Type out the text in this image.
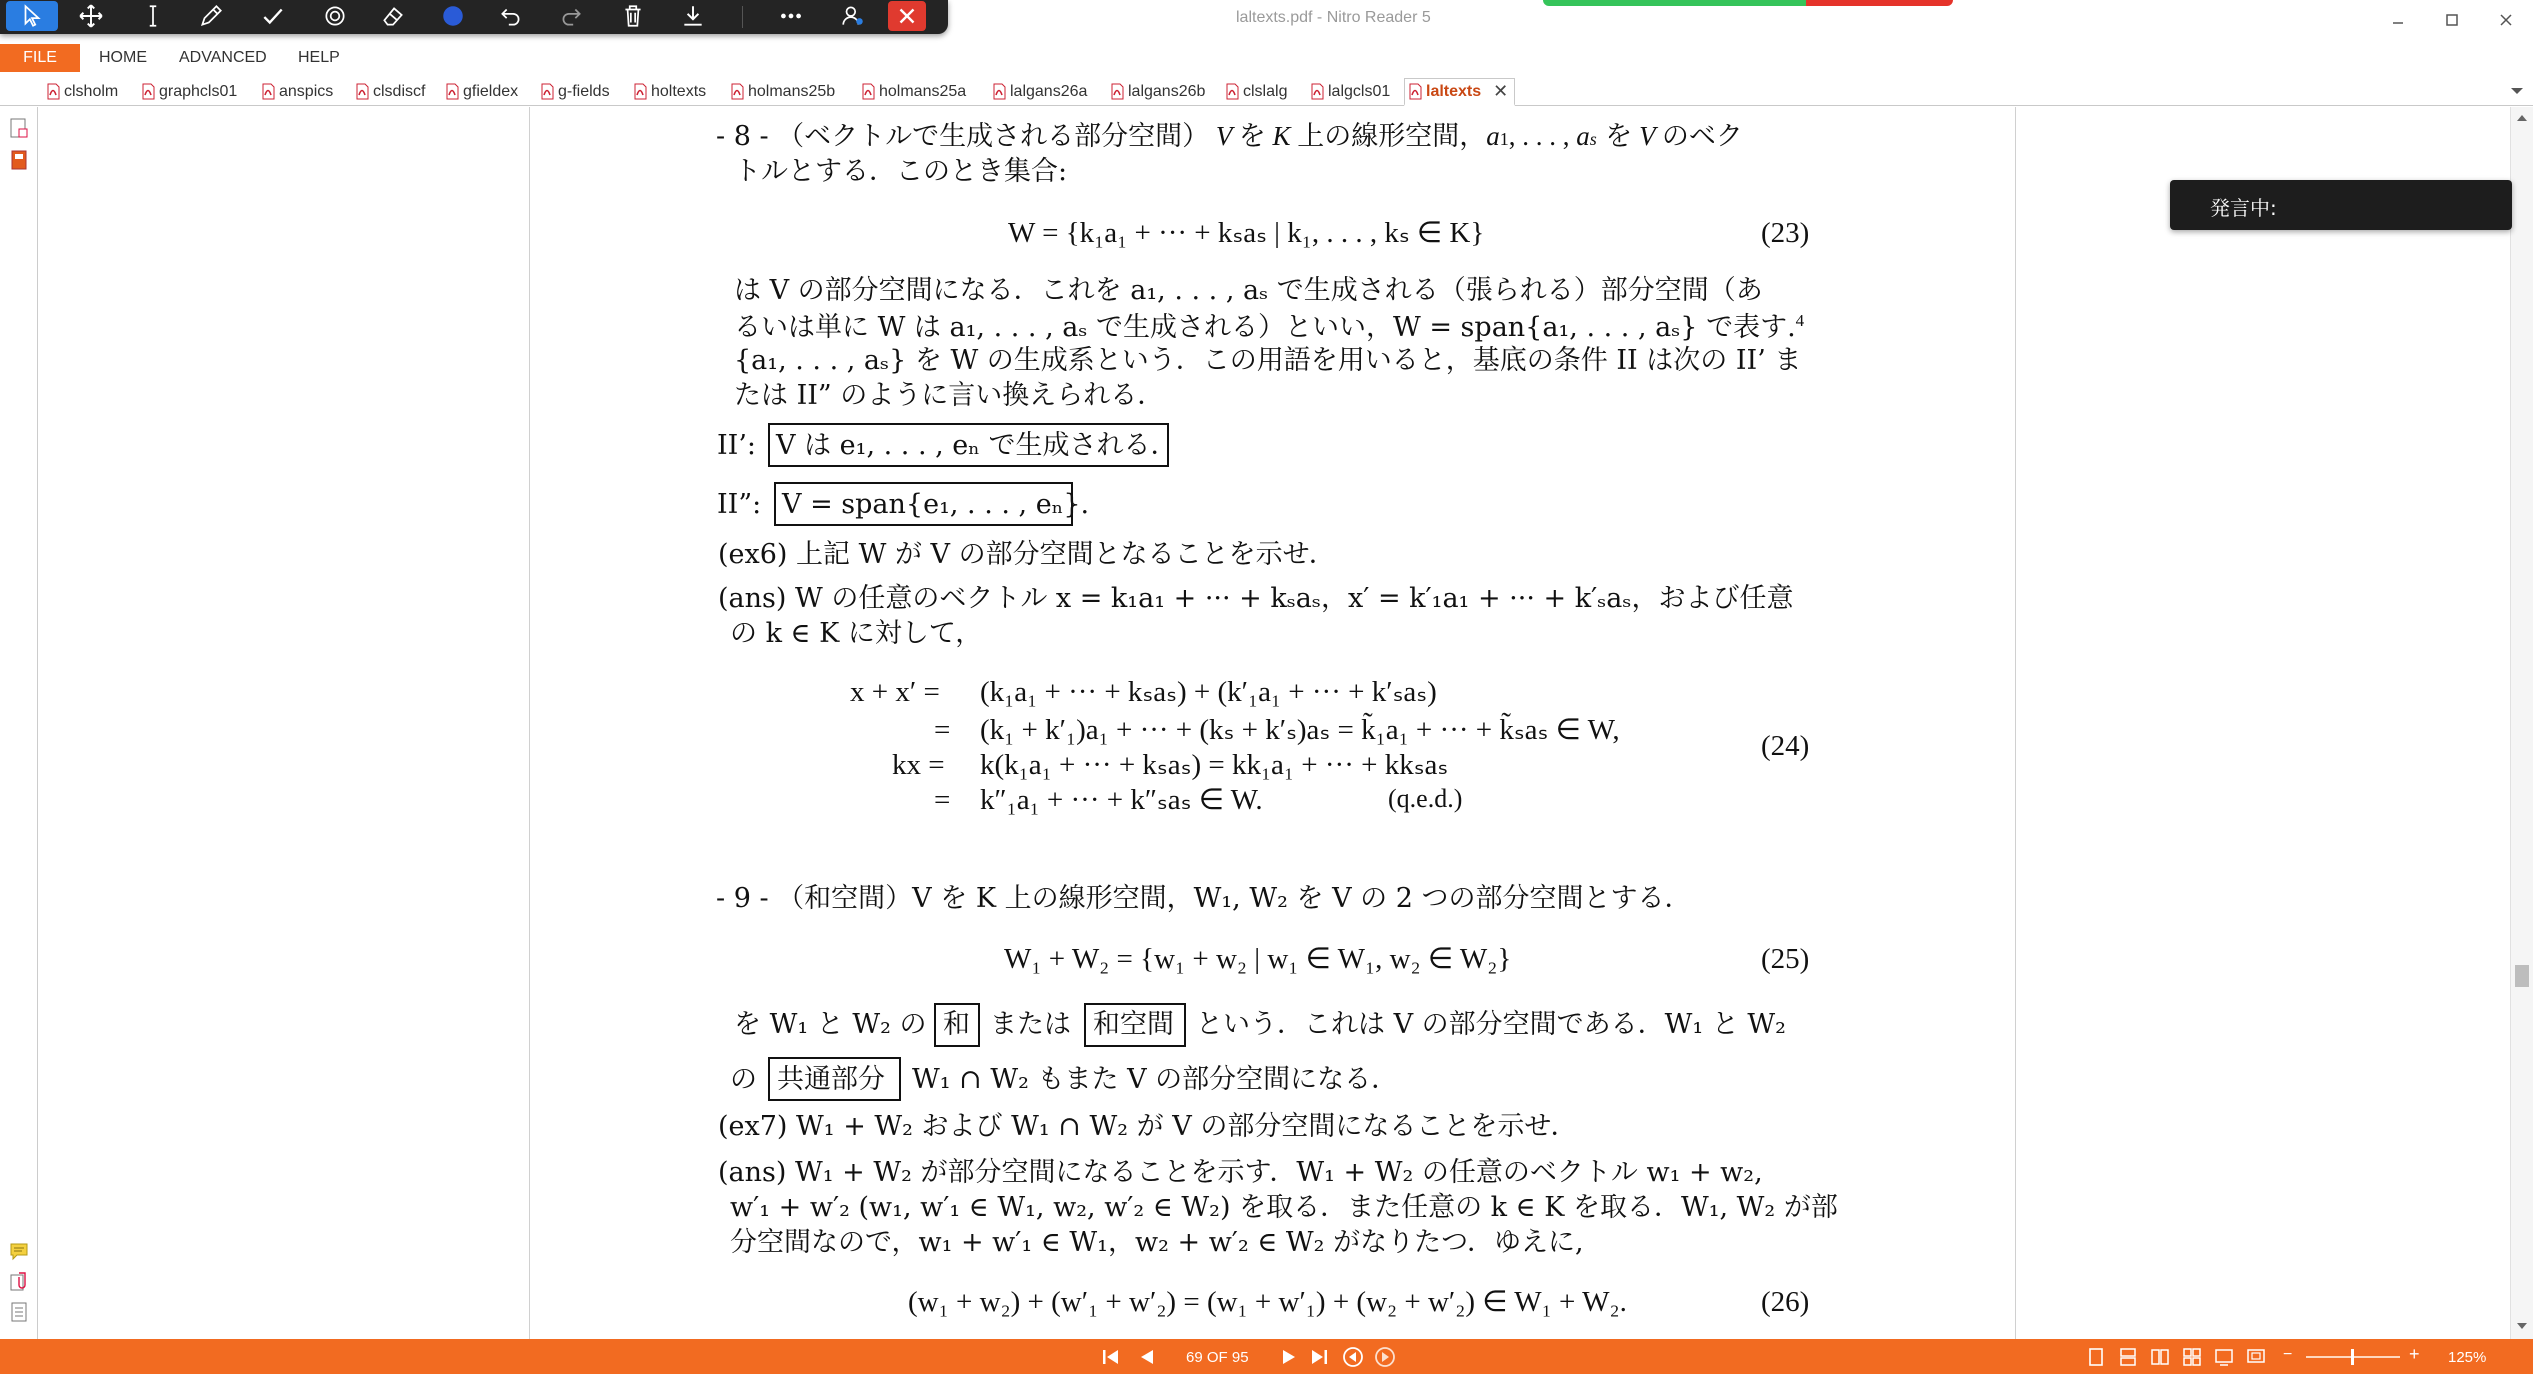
laltexts.pdf - Nitro Reader 5
FILE	HOME ADVANCED HELP
clsholm	graphcls01	anspics clsdiscf gfieldex g-fields	holtexts	holmans25b	holmans25a	lalgans26a	lalgans26b clslalg	lalgcls01 laltexts ✕
- 8 - （ベクトルで生成される部分空間） V を K 上の線形空間，a1, . . . , as を V のベク
トルとする．このとき集合:
W = {k₁a₁ + ··· + kₛaₛ | k₁, . . . , kₛ ∈ K}	(23)
は V の部分空間になる．これを a₁, . . . , aₛ で生成される（張られる）部分空間（あ
るいは単に W は a₁, . . . , aₛ で生成される）といい，W = span{a₁, . . . , aₛ} で表す.$^4$
{a₁, . . . , aₛ} を W の生成系という．この用語を用いると，基底の条件 II は次の II’ ま
たは II” のように言い換えられる．
II’: V は e₁, . . . , eₙ で生成される．
II”: V = span{e₁, . . . , eₙ}.
(ex6) 上記 W が V の部分空間となることを示せ．
(ans) W の任意のベクトル x = k₁a₁ + ··· + kₛaₛ，x′ = k′₁a₁ + ··· + k′ₛaₛ，および任意
の k ∈ K に対して，
x + x′ = (k₁a₁ + ··· + kₛaₛ) + (k′₁a₁ + ··· + k′ₛaₛ)
= (k₁ + k′₁)a₁ + ··· + (kₛ + k′ₛ)aₛ = k̃₁a₁ + ··· + k̃ₛaₛ ∈ W,
kx = k(k₁a₁ + ··· + kₛaₛ) = kk₁a₁ + ··· + kkₛaₛ
= k″₁a₁ + ··· + k″ₛaₛ ∈ W.	(q.e.d.)
(24)
- 9 - （和空間）V を K 上の線形空間，W₁, W₂ を V の 2 つの部分空間とする．
W₁ + W₂ = {w₁ + w₂ | w₁ ∈ W₁, w₂ ∈ W₂}	(25)
を W₁ と W₂ の 和 または 和空間 という．これは V の部分空間である．W₁ と W₂
の 共通部分 W₁ ∩ W₂ もまた V の部分空間になる．
(ex7) W₁ + W₂ および W₁ ∩ W₂ が V の部分空間になることを示せ．
(ans) W₁ + W₂ が部分空間になることを示す．W₁ + W₂ の任意のベクトル w₁ + w₂,
w′₁ + w′₂ (w₁, w′₁ ∈ W₁, w₂, w′₂ ∈ W₂) を取る．また任意の k ∈ K を取る．W₁, W₂ が部
分空間なので，w₁ + w′₁ ∈ W₁，w₂ + w′₂ ∈ W₂ がなりたつ．ゆえに,
(w₁ + w₂) + (w′₁ + w′₂) = (w₁ + w′₁) + (w₂ + w′₂) ∈ W₁ + W₂.	(26)
発言中:
69 OF 95	−	+ 125%
